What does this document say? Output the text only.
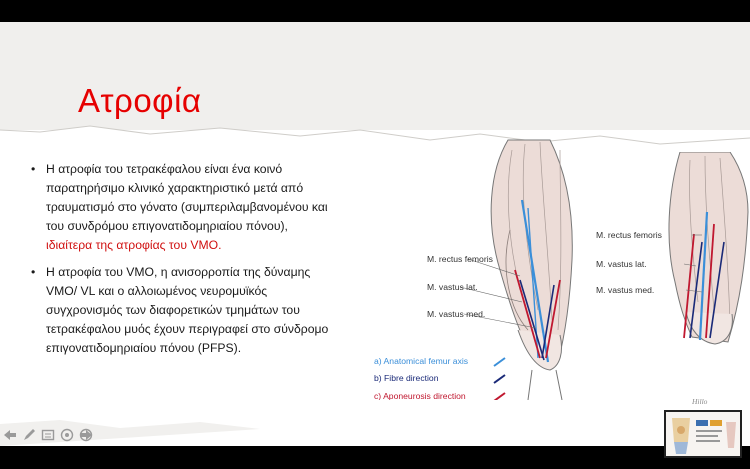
Ατροφία
• Η ατροφία του τετρακέφαλου είναι ένα κοινό παρατηρήσιμο κλινικό χαρακτηριστικό μετά από τραυματισμό στο γόνατο (συμπεριλαμβανομένου και του συνδρόμου επιγονατιδομηριαίου πόνου), ιδιαίτερα της ατροφίας του VMO.
• Η ατροφία του VMO, η ανισορροπία της δύναμης VMO/ VL και ο αλλοιωμένος νευρομυϊκός συγχρονισμός των διαφορετικών τμημάτων του τετρακέφαλου μυός έχουν περιγραφεί στο σύνδρομο επιγονατιδομηριαίου πόνου (PFPS).
M. rectus femoris
M. vastus lat.
M. vastus med.
a) Anatomical femur axis
b) Fibre direction
c) Aponeurosis direction
M. rectus femoris
M. vastus lat.
M. vastus med.
Hillo
